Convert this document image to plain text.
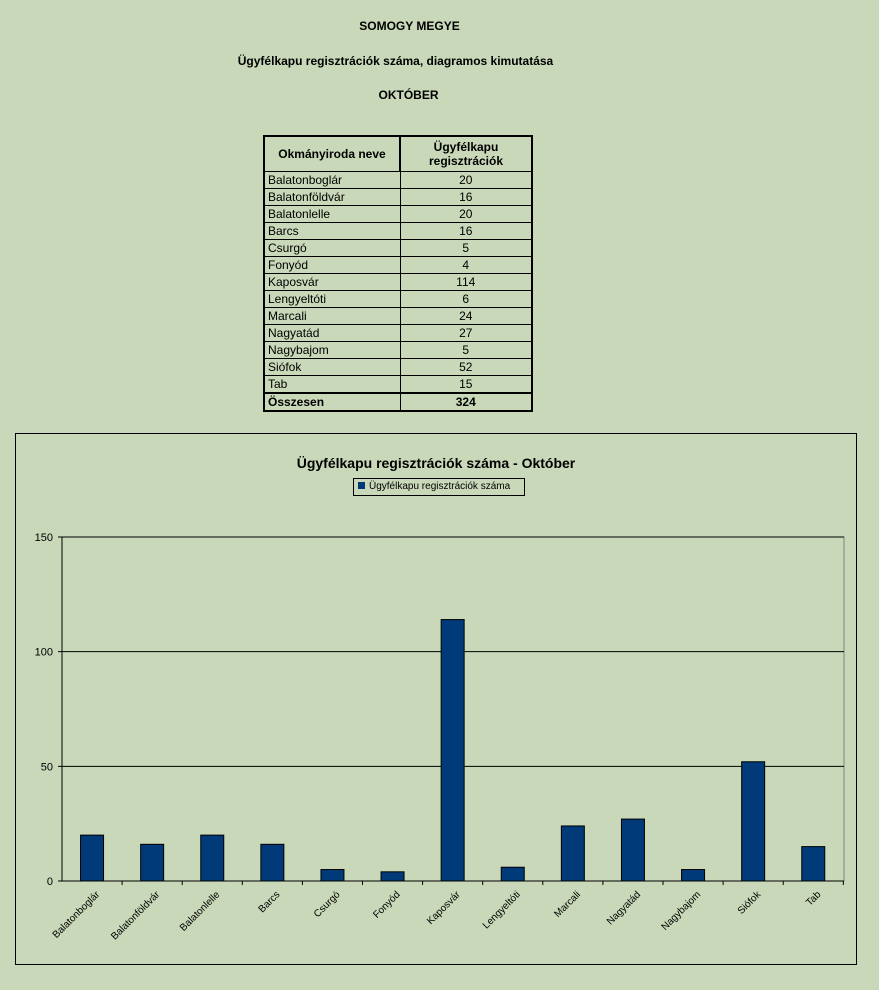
SOMOGY MEGYE
Ügyfélkapu regisztrációk száma, diagramos kimutatása
OKTÓBER
Okmányiroda neve	Ügyfélkapu regisztrációk
Balatonboglár	20
Balatonföldvár	16
Balatonlelle	20
Barcs	16
Csurgó	5
Fonyód	4
Kaposvár	114
Lengyeltóti	6
Marcali	24
Nagyatád	27
Nagybajom	5
Siófok	52
Tab	15
Összesen	324
Ügyfélkapu regisztrációk száma - Október
0
50
100
150
Balatonboglár Balatonföldvár Balatonlelle	Barcs	Csurgó	Fonyód Kaposvár Lengyeltóti	Marcali Nagyatád Nagybajom	Siófok	Tab
Ügyfélkapu regisztrációk száma
